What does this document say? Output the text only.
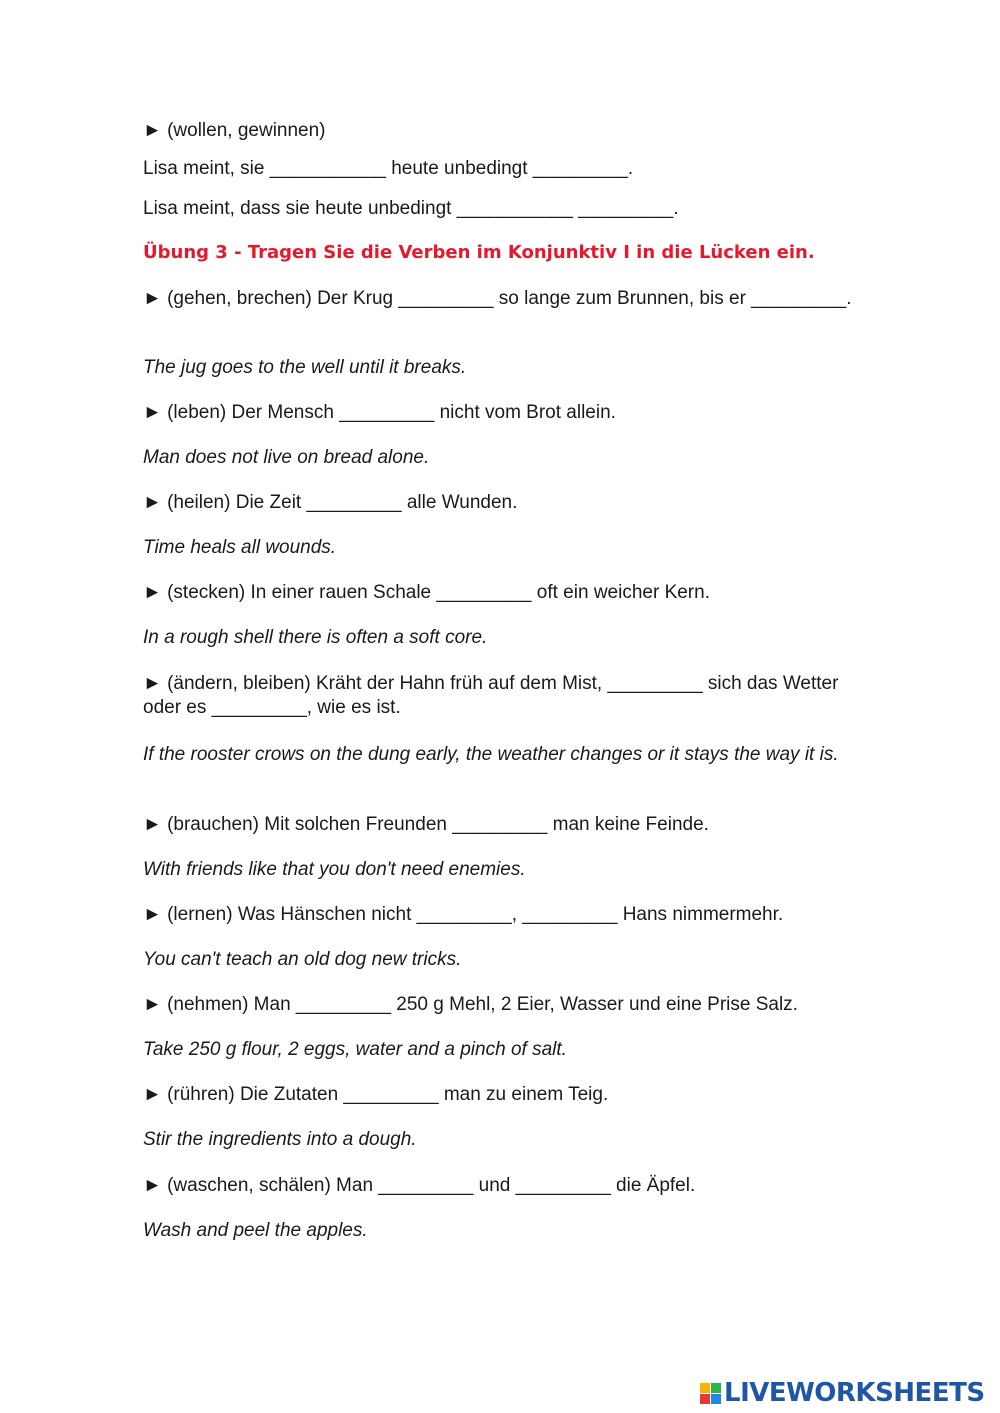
► (wollen, gewinnen)
Lisa meint, sie ___________ heute unbedingt _________.
Lisa meint, dass sie heute unbedingt ___________ _________.
Übung 3 - Tragen Sie die Verben im Konjunktiv I in die Lücken ein.
► (gehen, brechen) Der Krug _________ so lange zum Brunnen, bis er _________.
The jug goes to the well until it breaks.
► (leben) Der Mensch _________ nicht vom Brot allein.
Man does not live on bread alone.
► (heilen) Die Zeit _________ alle Wunden.
Time heals all wounds.
► (stecken) In einer rauen Schale _________ oft ein weicher Kern.
In a rough shell there is often a soft core.
► (ändern, bleiben) Kräht der Hahn früh auf dem Mist, _________ sich das Wetter oder es _________, wie es ist.
If the rooster crows on the dung early, the weather changes or it stays the way it is.
► (brauchen) Mit solchen Freunden _________ man keine Feinde.
With friends like that you don't need enemies.
► (lernen) Was Hänschen nicht _________, _________ Hans nimmermehr.
You can't teach an old dog new tricks.
► (nehmen) Man _________ 250 g Mehl, 2 Eier, Wasser und eine Prise Salz.
Take 250 g flour, 2 eggs, water and a pinch of salt.
► (rühren) Die Zutaten _________ man zu einem Teig.
Stir the ingredients into a dough.
► (waschen, schälen) Man _________ und _________ die Äpfel.
Wash and peel the apples.
LIVEWORKSHEETS
